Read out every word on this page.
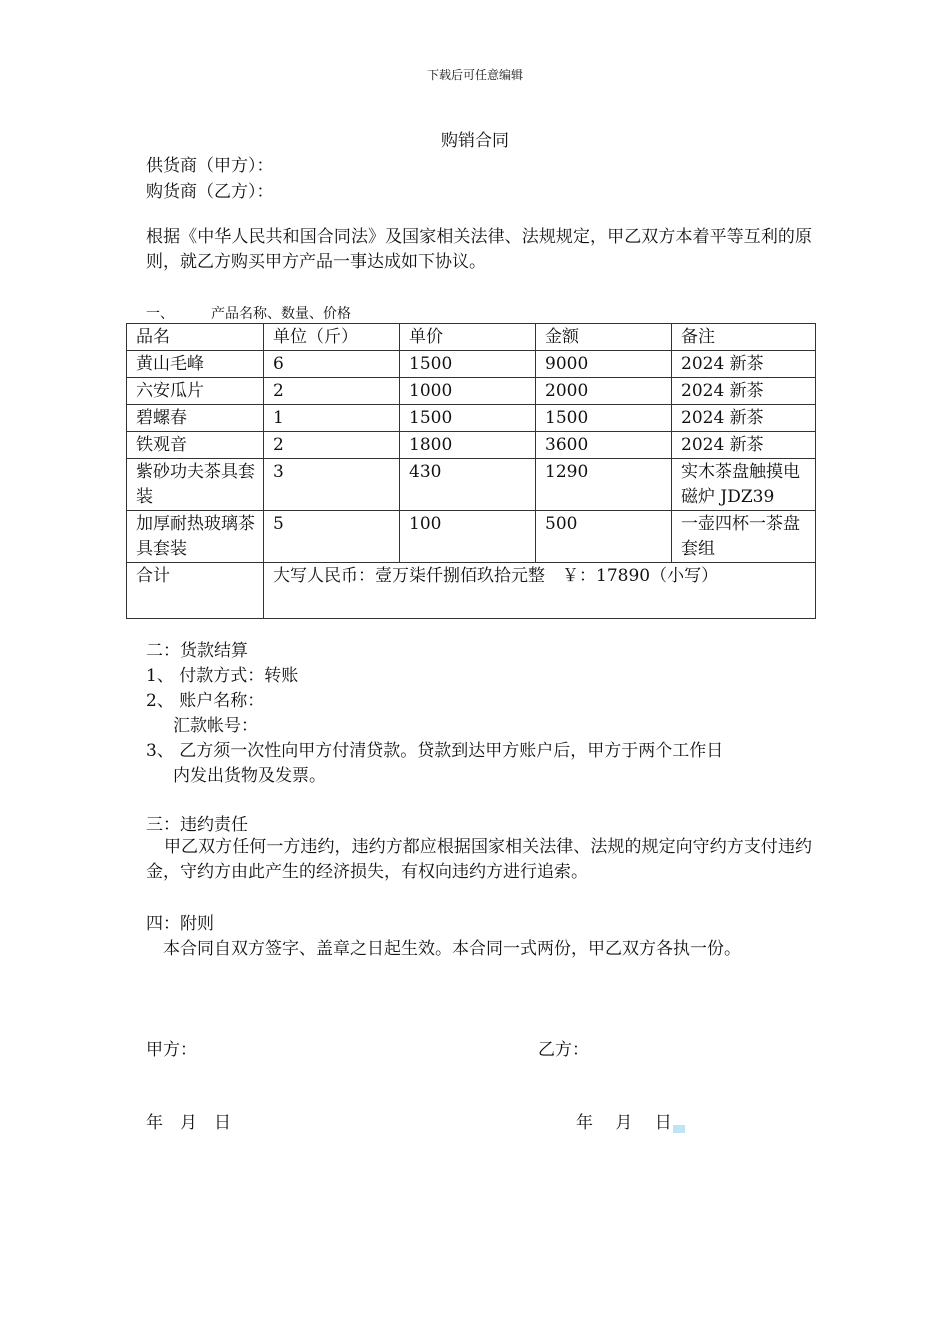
下载后可任意编辑
购销合同
供货商（甲方）：
购货商（乙方）：
根据《中华人民共和国合同法》及国家相关法律、法规规定，甲乙双方本着平等互利的原则，就乙方购买甲方产品一事达成如下协议。
一、	产品名称、数量、价格
品名	单位（斤）	单价	金额	备注
黄山毛峰	6	1500	9000	2024 新茶
六安瓜片	2	1000	2000	2024 新茶
碧螺春	1	1500	1500	2024 新茶
铁观音	2	1800	3600	2024 新茶
紫砂功夫茶具套装	3	430	1290	实木茶盘触摸电磁炉 JDZ39
加厚耐热玻璃茶具套装	5	100	500	一壶四杯一茶盘套组
合计	大写人民币：壹万柒仟捌佰玖拾元整　￥：17890（小写）			
二：货款结算
1、 付款方式：转账
2、 账户名称：
汇款帐号：
3、 乙方须一次性向甲方付清贷款。贷款到达甲方账户后，甲方于两个工作日
内发出货物及发票。
三：违约责任
甲乙双方任何一方违约，违约方都应根据国家相关法律、法规的规定向守约方支付违约金，守约方由此产生的经济损失，有权向违约方进行追索。
四：附则
本合同自双方签字、盖章之日起生效。本合同一式两份，甲乙双方各执一份。
甲方：	乙方：
年　月　日	年　 月　 日
